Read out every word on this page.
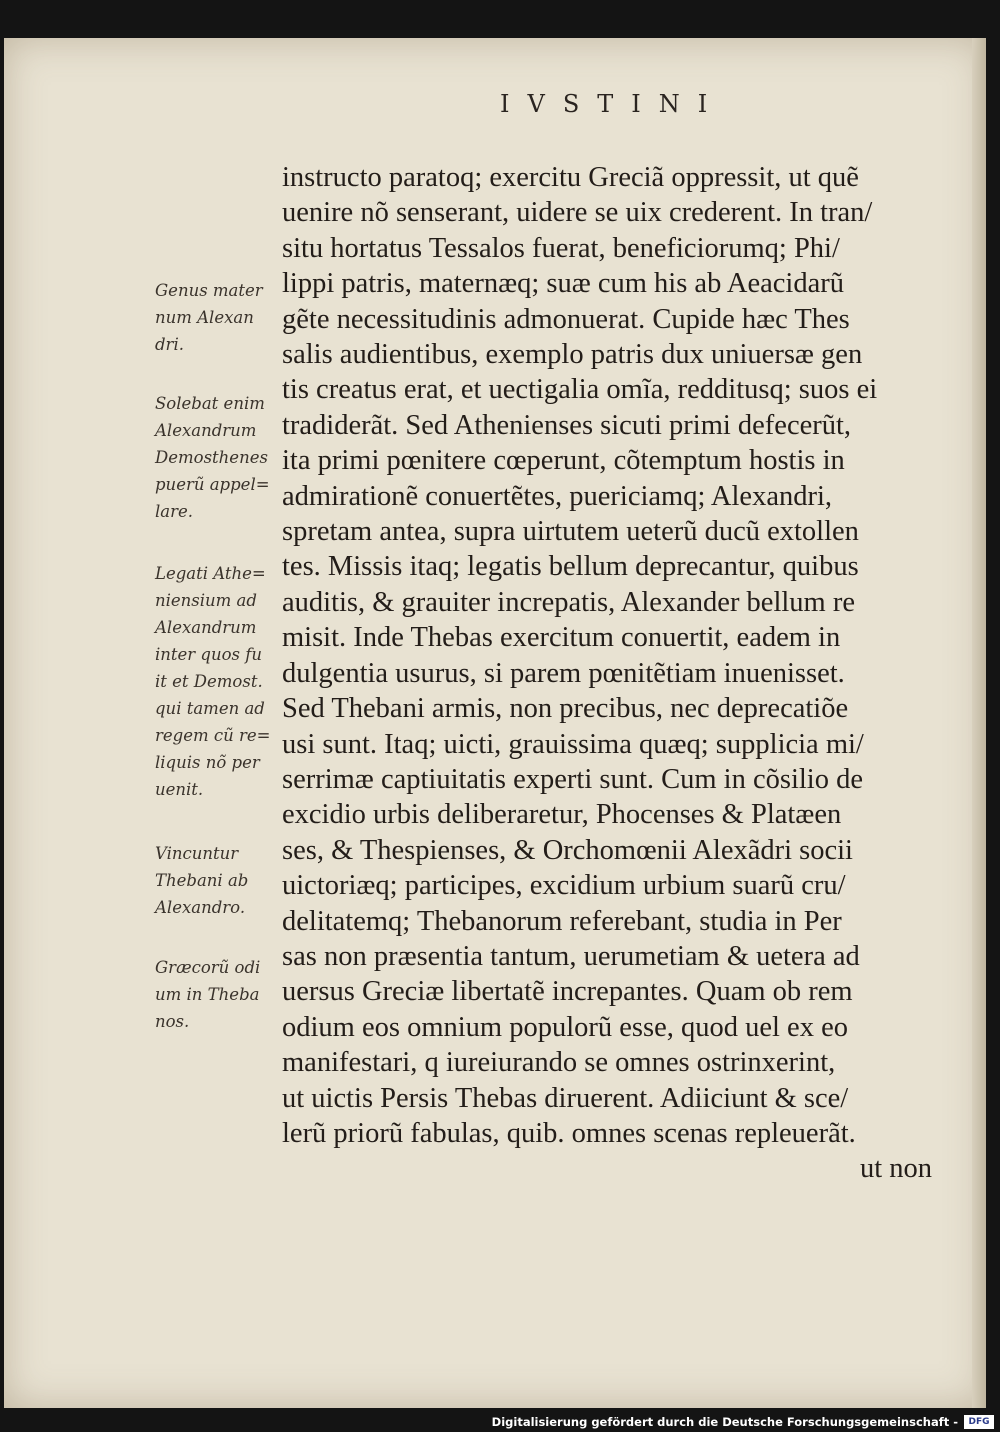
IVSTINI

Genus mater
num Alexan
dri.

Solebat enim
Alexandrum
Demosthenes
puerũ appel=
lare.

Legati Athe=
niensium ad
Alexandrum
inter quos fu
it et Demost.
qui tamen ad
regem cũ re=
liquis nõ per
uenit.

Vincuntur
Thebani ab
Alexandro.

Græcorũ odi
um in Theba
nos.

instructo paratoq; exercitu Greciã oppressit, ut quẽ
uenire nõ senserant, uidere se uix crederent. In tran/
situ hortatus Tessalos fuerat, beneficiorumq; Phi/
lippi patris, maternæq; suæ cum his ab Aeacidarũ
gẽte necessitudinis admonuerat. Cupide hæc Thes
salis audientibus, exemplo patris dux uniuersæ gen
tis creatus erat, et uectigalia omĩa, redditusq; suos ei
tradiderãt. Sed Athenienses sicuti primi defecerũt,
ita primi pœnitere cœperunt, cõtemptum hostis in
admirationẽ conuertẽtes, puericiamq; Alexandri,
spretam antea, supra uirtutem ueterũ ducũ extollen
tes. Missis itaq; legatis bellum deprecantur, quibus
auditis, & grauiter increpatis, Alexander bellum re
misit. Inde Thebas exercitum conuertit, eadem in
dulgentia usurus, si parem pœnitẽtiam inuenisset.
Sed Thebani armis, non precibus, nec deprecatiõe
usi sunt. Itaq; uicti, grauissima quæq; supplicia mi/
serrimæ captiuitatis experti sunt. Cum in cõsilio de
excidio urbis deliberaretur, Phocenses & Platæen
ses, & Thespienses, & Orchomœnii Alexãdri socii
uictoriæq; participes, excidium urbium suarũ cru/
delitatemq; Thebanorum referebant, studia in Per
sas non præsentia tantum, uerumetiam & uetera ad
uersus Greciæ libertatẽ increpantes. Quam ob rem
odium eos omnium populorũ esse, quod uel ex eo
manifestari, q iureiurando se omnes ostrinxerint,
ut uictis Persis Thebas diruerent. Adiiciunt & sce/
lerũ priorũ fabulas, quib. omnes scenas repleuerãt.
ut non

Digitalisierung gefördert durch die Deutsche Forschungsgemeinschaft -	DFG
